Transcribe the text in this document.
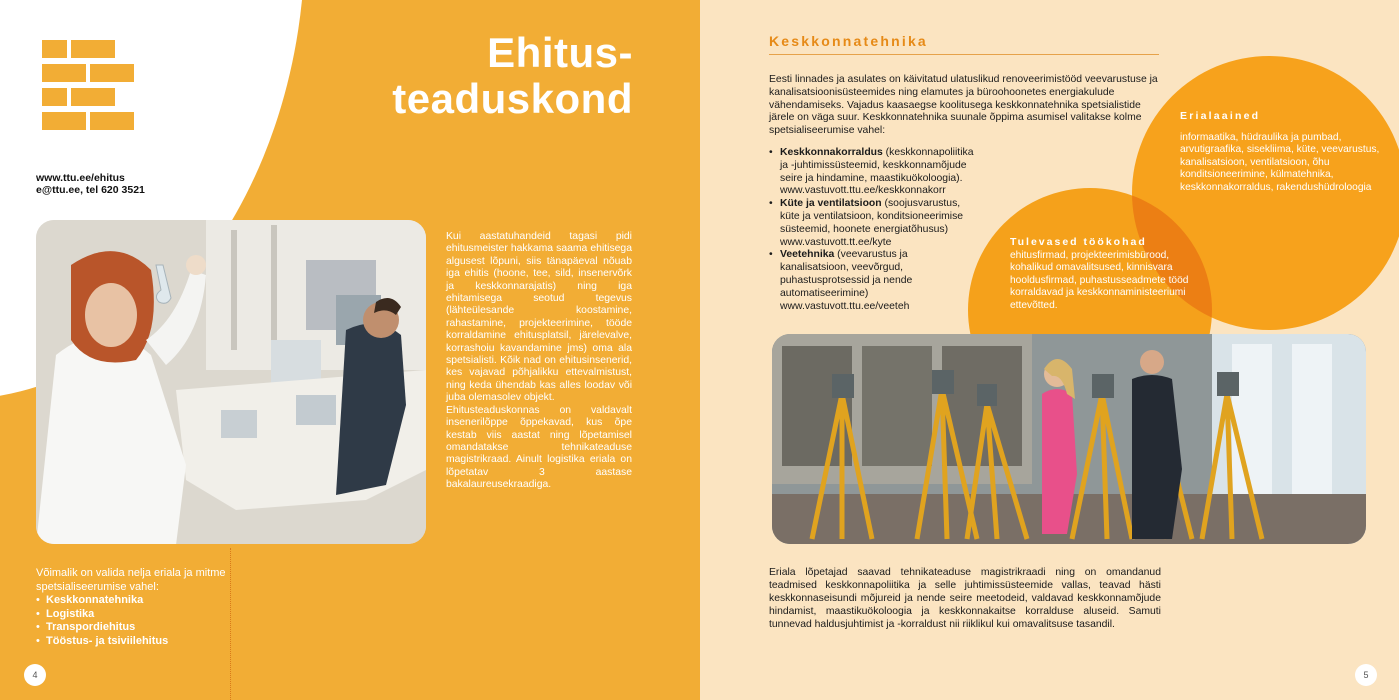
Ehitus-
teaduskond
www.ttu.ee/ehitus
e@ttu.ee, tel 620 3521

Kui aastatuhandeid tagasi pidi ehitusmeister hakkama saama ehitisega algusest lõpuni, siis tänapäeval nõuab iga ehitis (hoone, tee, sild, insenervõrk ja keskkonnarajatis) ning iga ehitamisega seotud tegevus (lähteülesande koostamine, rahastamine, projekteerimine, tööde korraldamine ehitusplatsil, järelevalve, korrashoiu kavandamine jms) oma ala spetsialisti. Kõik nad on ehitusinsenerid, kes vajavad põhjalikku ettevalmistust, ning keda ühendab kas alles loodav või juba olemasolev objekt.

Ehitusteaduskonnas on valdavalt insenerilõppe õppekavad, kus õpe kestab viis aastat ning lõpetamisel omandatakse tehnikateaduse magistrikraad. Ainult logistika eriala on lõpetatav 3 aastase bakalaureusekraadiga.

Võimalik on valida nelja eriala ja mitme spetsialiseerumise vahel:
• Keskkonnatehnika
• Logistika
• Transpordiehitus
• Tööstus- ja tsiviilehitus
4
Keskkonnatehnika

Eesti linnades ja asulates on käivitatud ulatuslikud renoveerimistööd veevarustuse ja kanalisatsioonisüsteemides ning elamutes ja büroohoonetes energiakulude vähendamiseks. Vajadus kaasaegse koolitusega keskkonnatehnika spetsialistide järele on väga suur. Keskkonnatehnika suunale õppima asumisel valitakse kolme spetsialiseerumise vahel:

• Keskkonnakorraldus (keskkonnapoliitika ja -juhtimissüsteemid, keskkonnamõjude seire ja hindamine, maastikuökoloogia).
www.vastuvott.ttu.ee/keskkonnakorr
• Küte ja ventilatsioon (soojusvarustus, küte ja ventilatsioon, konditsioneerimise süsteemid, hoonete energiatõhusus)
www.vastuvott.tt.ee/kyte
• Veetehnika (veevarustus ja kanalisatsioon, veevõrgud, puhastusprotsessid ja nende automatiseerimine)
www.vastuvott.ttu.ee/veeteh
Erialaained
informaatika, hüdraulika ja pumbad, arvutigraafika, sisekliima, küte, veevarustus, kanalisatsioon, ventilatsioon, õhu konditsioneerimine, külmatehnika, keskkonnakorraldus, rakendushüdroloogia
Tulevased töökohad
ehitusfirmad, projekteerimisbürood, kohalikud omavalitsused, kinnisvara hooldusfirmad, puhastusseadmete tööd korraldavad ja keskkonnaministeeriumi ettevõtted.
Eriala lõpetajad saavad tehnikateaduse magistrikraadi ning on omandanud teadmised keskkonnapoliitika ja selle juhtimissüsteemide vallas, teavad hästi keskkonnaseisundi mõjureid ja nende seire meetodeid, valdavad keskkonnamõjude hindamist, maastikuökoloogia ja keskkonnakaitse korralduse aluseid. Samuti tunnevad haldusjuhtimist ja -korraldust nii riiklikul kui omavalitsuse tasandil.
5
